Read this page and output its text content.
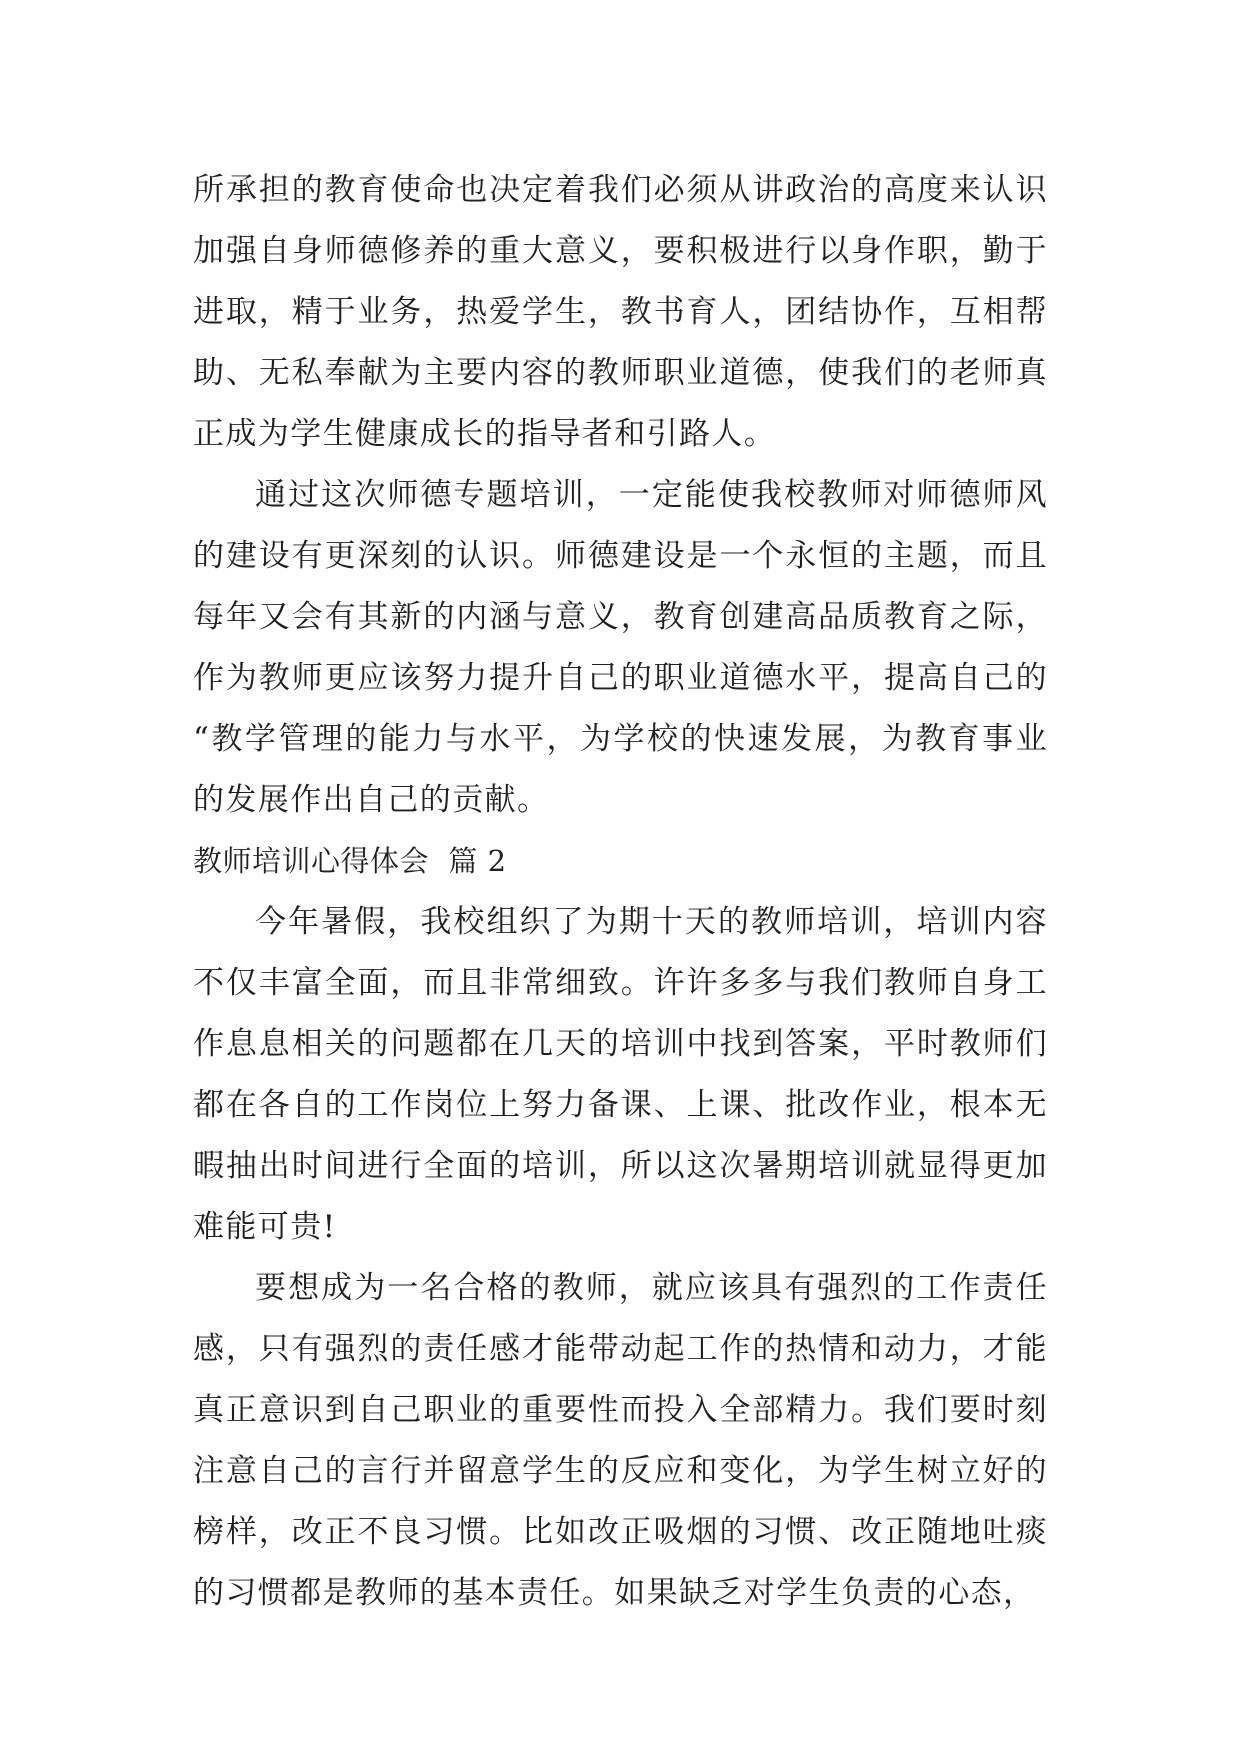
所承担的教育使命也决定着我们必须从讲政治的高度来认识加强自身师德修养的重大意义，要积极进行以身作职，勤于进取，精于业务，热爱学生，教书育人，团结协作，互相帮助、无私奉献为主要内容的教师职业道德，使我们的老师真正成为学生健康成长的指导者和引路人。

通过这次师德专题培训，一定能使我校教师对师德师风的建设有更深刻的认识。师德建设是一个永恒的主题，而且每年又会有其新的内涵与意义，教育创建高品质教育之际，作为教师更应该努力提升自己的职业道德水平，提高自己的“教学管理的能力与水平，为学校的快速发展，为教育事业的发展作出自己的贡献。

教师培训心得体会  篇 2

今年暑假，我校组织了为期十天的教师培训，培训内容不仅丰富全面，而且非常细致。许许多多与我们教师自身工作息息相关的问题都在几天的培训中找到答案，平时教师们都在各自的工作岗位上努力备课、上课、批改作业，根本无暇抽出时间进行全面的培训，所以这次暑期培训就显得更加难能可贵!

要想成为一名合格的教师，就应该具有强烈的工作责任感，只有强烈的责任感才能带动起工作的热情和动力，才能真正意识到自己职业的重要性而投入全部精力。我们要时刻注意自己的言行并留意学生的反应和变化，为学生树立好的榜样，改正不良习惯。比如改正吸烟的习惯、改正随地吐痰的习惯都是教师的基本责任。如果缺乏对学生负责的心态，
